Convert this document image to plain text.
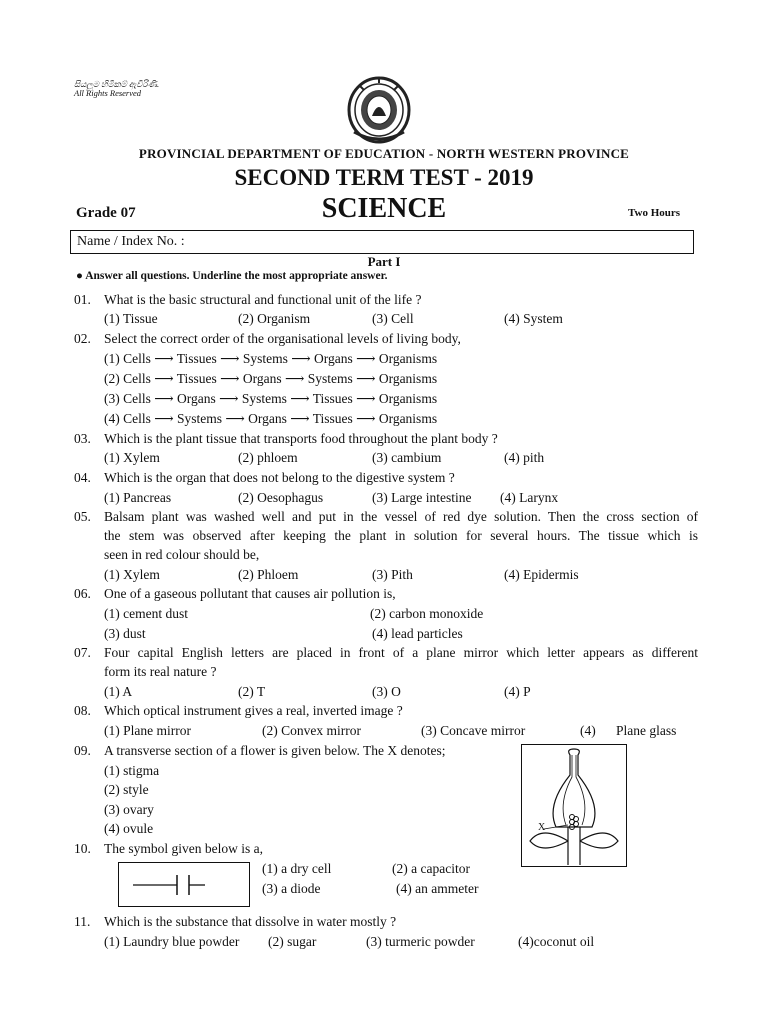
සියලුම හිමිකම් ඇවිරිණි.
All Rights Reserved
PROVINCIAL DEPARTMENT OF EDUCATION - NORTH WESTERN PROVINCE
SECOND TERM TEST - 2019
Grade 07	SCIENCE	Two Hours
Name / Index No. :
Part I
● Answer all questions. Underline the most appropriate answer.
01. What is the basic structural and functional unit of the life ?
(1) Tissue	(2) Organism	(3) Cell	(4) System
02. Select the correct order of the organisational levels of living body,
(1) Cells ⟶ Tissues ⟶ Systems ⟶ Organs ⟶ Organisms
(2) Cells ⟶ Tissues ⟶ Organs ⟶ Systems ⟶ Organisms
(3) Cells ⟶ Organs ⟶ Systems ⟶ Tissues ⟶ Organisms
(4) Cells ⟶ Systems ⟶ Organs ⟶ Tissues ⟶ Organisms
03. Which is the plant tissue that transports food throughout the plant body ?
(1) Xylem	(2) phloem	(3) cambium	(4) pith
04. Which is the organ that does not belong to the digestive system ?
(1) Pancreas	(2) Oesophagus	(3) Large intestine (4) Larynx
05. Balsam plant was washed well and put in the vessel of red dye solution. Then the cross section of
the stem was observed after keeping the plant in solution for several hours. The tissue which is
seen in red colour should be,
(1) Xylem	(2) Phloem	(3) Pith	(4) Epidermis
06. One of a gaseous pollutant that causes air pollution is,
(1) cement dust	(2) carbon monoxide
(3) dust	(4) lead particles
07. Four capital English letters are placed in front of a plane mirror which letter appears as different
form its real nature ?
(1) A	(2) T	(3) O	(4) P
08. Which optical instrument gives a real, inverted image ?
(1) Plane mirror	(2) Convex mirror	(3) Concave mirror	(4) Plane glass
09. A transverse section of a flower is given below. The X denotes;
(1) stigma
(2) style
(3) ovary
(4) ovule	X
10. The symbol given below is a,
(1) a dry cell	(2) a capacitor
(3) a diode	(4) an ammeter
11. Which is the substance that dissolve in water mostly ?
(1) Laundry blue powder (2) sugar	(3) turmeric powder	(4)coconut oil
